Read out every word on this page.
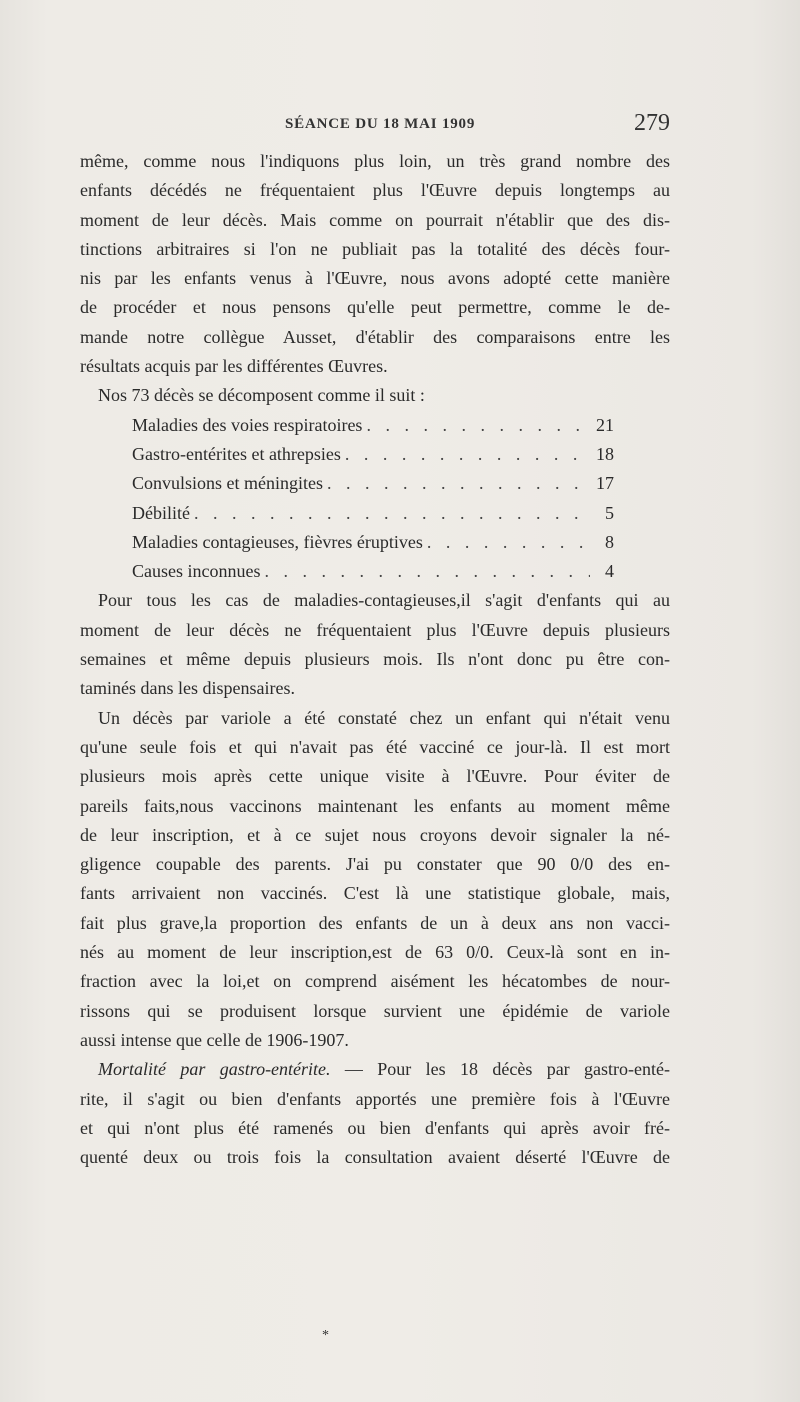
SÉANCE DU 18 MAI 1909	279
même, comme nous l'indiquons plus loin, un très grand nombre des
enfants décédés ne fréquentaient plus l'Œuvre depuis longtemps au
moment de leur décès. Mais comme on pourrait n'établir que des dis-
tinctions arbitraires si l'on ne publiait pas la totalité des décès four-
nis par les enfants venus à l'Œuvre, nous avons adopté cette manière
de procéder et nous pensons qu'elle peut permettre, comme le de-
mande notre collègue Ausset, d'établir des comparaisons entre les
résultats acquis par les différentes Œuvres.
Nos 73 décès se décomposent comme il suit :
Maladies des voies respiratoires . . .	21
Gastro-entérites et athrepsies . . .	18
Convulsions et méningites . . .	17
Débilité . . .	5
Maladies contagieuses, fièvres éruptives . . .	8
Causes inconnues . . .	4
Pour tous les cas de maladies-contagieuses,il s'agit d'enfants qui au
moment de leur décès ne fréquentaient plus l'Œuvre depuis plusieurs
semaines et même depuis plusieurs mois. Ils n'ont donc pu être con-
taminés dans les dispensaires.
Un décès par variole a été constaté chez un enfant qui n'était venu
qu'une seule fois et qui n'avait pas été vacciné ce jour-là. Il est mort
plusieurs mois après cette unique visite à l'Œuvre. Pour éviter de
pareils faits,nous vaccinons maintenant les enfants au moment même
de leur inscription, et à ce sujet nous croyons devoir signaler la né-
gligence coupable des parents. J'ai pu constater que 90 0/0 des en-
fants arrivaient non vaccinés. C'est là une statistique globale, mais,
fait plus grave,la proportion des enfants de un à deux ans non vacci-
nés au moment de leur inscription,est de 63 0/0. Ceux-là sont en in-
fraction avec la loi,et on comprend aisément les hécatombes de nour-
rissons qui se produisent lorsque survient une épidémie de variole
aussi intense que celle de 1906-1907.
Mortalité par gastro-entérite. — Pour les 18 décès par gastro-enté-
rite, il s'agit ou bien d'enfants apportés une première fois à l'Œuvre
et qui n'ont plus été ramenés ou bien d'enfants qui après avoir fré-
quenté deux ou trois fois la consultation avaient déserté l'Œuvre de
*
